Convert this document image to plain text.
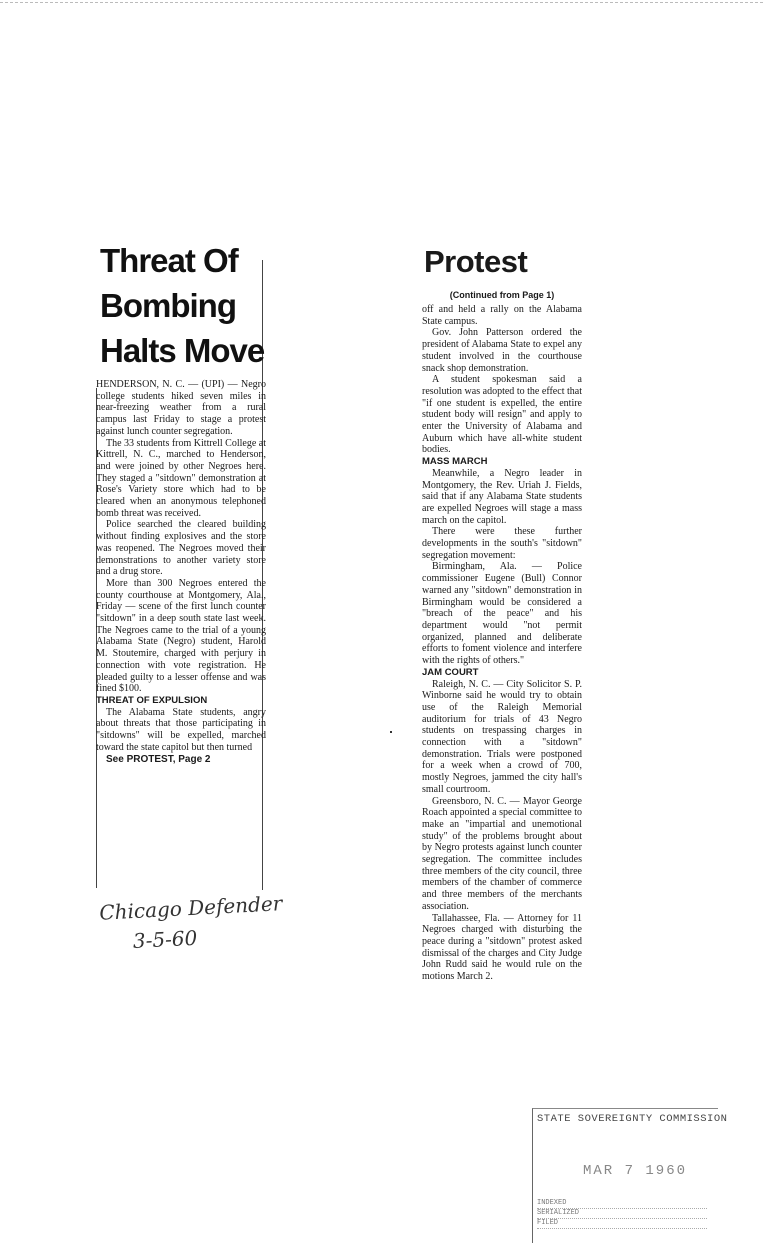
Threat Of
Bombing
Halts Move

HENDERSON, N. C. — (UPI) — Negro college students hiked seven miles in near-freezing weather from a rural campus last Friday to stage a protest against lunch counter segregation.

The 33 students from Kittrell College at Kittrell, N. C., marched to Henderson, and were joined by other Negroes here. They staged a "sitdown" demonstration at Rose's Variety store which had to be cleared when an anonymous telephoned bomb threat was received.

Police searched the cleared building without finding explosives and the store was reopened. The Negroes moved their demonstrations to another variety store and a drug store.

More than 300 Negroes entered the county courthouse at Montgomery, Ala., Friday — scene of the first lunch counter "sitdown" in a deep south state last week. The Negroes came to the trial of a young Alabama State (Negro) student, Harold M. Stoutemire, charged with perjury in connection with vote registration. He pleaded guilty to a lesser offense and was fined $100.

THREAT OF EXPULSION

The Alabama State students, angry about threats that those participating in "sitdowns" will be expelled, marched toward the state capitol but then turned

See PROTEST, Page 2

Chicago Defender
3-5-60
Protest
(Continued from Page 1)

off and held a rally on the Alabama State campus.

Gov. John Patterson ordered the president of Alabama State to expel any student involved in the courthouse snack shop demonstration.

A student spokesman said a resolution was adopted to the effect that "if one student is expelled, the entire student body will resign" and apply to enter the University of Alabama and Auburn which have all-white student bodies.

MASS MARCH

Meanwhile, a Negro leader in Montgomery, the Rev. Uriah J. Fields, said that if any Alabama State students are expelled Negroes will stage a mass march on the capitol.

There were these further developments in the south's "sitdown" segregation movement:

Birmingham, Ala. — Police commissioner Eugene (Bull) Connor warned any "sitdown" demonstration in Birmingham would be considered a "breach of the peace" and his department would "not permit organized, planned and deliberate efforts to foment violence and interfere with the rights of others."

JAM COURT

Raleigh, N. C. — City Solicitor S. P. Winborne said he would try to obtain use of the Raleigh Memorial auditorium for trials of 43 Negro students on trespassing charges in connection with a "sitdown" demonstration. Trials were postponed for a week when a crowd of 700, mostly Negroes, jammed the city hall's small courtroom.

Greensboro, N. C. — Mayor George Roach appointed a special committee to make an "impartial and unemotional study" of the problems brought about by Negro protests against lunch counter segregation. The committee includes three members of the city council, three members of the chamber of commerce and three members of the merchants association.

Tallahassee, Fla. — Attorney for 11 Negroes charged with disturbing the peace during a "sitdown" protest asked dismissal of the charges and City Judge John Rudd said he would rule on the motions March 2.

STATE SOVEREIGNTY COMMISSION
MAR 7 1960
INDEXED
SERIALIZED
FILED
